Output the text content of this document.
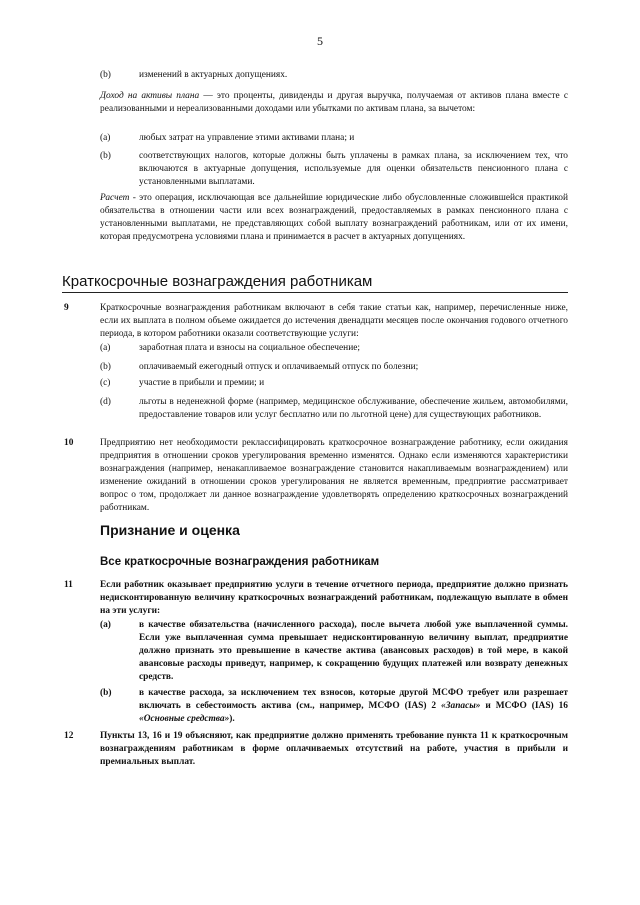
5
(b)	изменений в актуарных допущениях.
Доход на активы плана — это проценты, дивиденды и другая выручка, получаемая от активов плана вместе с реализованными и нереализованными доходами или убытками по активам плана, за вычетом:
(a)	любых затрат на управление этими активами плана; и
(b)	соответствующих налогов, которые должны быть уплачены в рамках плана, за исключением тех, что включаются в актуарные допущения, используемые для оценки обязательств пенсионного плана с установленными выплатами.
Расчет - это операция, исключающая все дальнейшие юридические либо обусловленные сложившейся практикой обязательства в отношении части или всех вознаграждений, предоставляемых в рамках пенсионного плана с установленными выплатами, не представляющих собой выплату вознаграждений работникам, или от их имени, которая предусмотрена условиями плана и принимается в расчет в актуарных допущениях.
Краткосрочные вознаграждения работникам
9	Краткосрочные вознаграждения работникам включают в себя такие статьи как, например, перечисленные ниже, если их выплата в полном объеме ожидается до истечения двенадцати месяцев после окончания годового отчетного периода, в котором работники оказали соответствующие услуги:
(a)	заработная плата и взносы на социальное обеспечение;
(b)	оплачиваемый ежегодный отпуск и оплачиваемый отпуск по болезни;
(c)	участие в прибыли и премии; и
(d)	льготы в неденежной форме (например, медицинское обслуживание, обеспечение жильем, автомобилями, предоставление товаров или услуг бесплатно или по льготной цене) для существующих работников.
10	Предприятию нет необходимости реклассифицировать краткосрочное вознаграждение работнику, если ожидания предприятия в отношении сроков урегулирования временно изменятся. Однако если изменяются характеристики вознаграждения (например, ненакапливаемое вознаграждение становится накапливаемым вознаграждением) или изменение ожиданий в отношении сроков урегулирования не является временным, предприятие рассматривает вопрос о том, продолжает ли данное вознаграждение удовлетворять определению краткосрочных вознаграждений работникам.
Признание и оценка
Все краткосрочные вознаграждения работникам
11	Если работник оказывает предприятию услуги в течение отчетного периода, предприятие должно признать недисконтированную величину краткосрочных вознаграждений работникам, подлежащую выплате в обмен на эти услуги:
(a)	в качестве обязательства (начисленного расхода), после вычета любой уже выплаченной суммы. Если уже выплаченная сумма превышает недисконтированную величину выплат, предприятие должно признать это превышение в качестве актива (авансовых расходов) в той мере, в какой авансовые расходы приведут, например, к сокращению будущих платежей или возврату денежных средств.
(b)	в качестве расхода, за исключением тех взносов, которые другой МСФО требует или разрешает включать в себестоимость актива (см., например, МСФО (IAS) 2 «Запасы» и МСФО (IAS) 16 «Основные средства»).
12	Пункты 13, 16 и 19 объясняют, как предприятие должно применять требование пункта 11 к краткосрочным вознаграждениям работникам в форме оплачиваемых отсутствий на работе, участия в прибыли и премиальных выплат.
